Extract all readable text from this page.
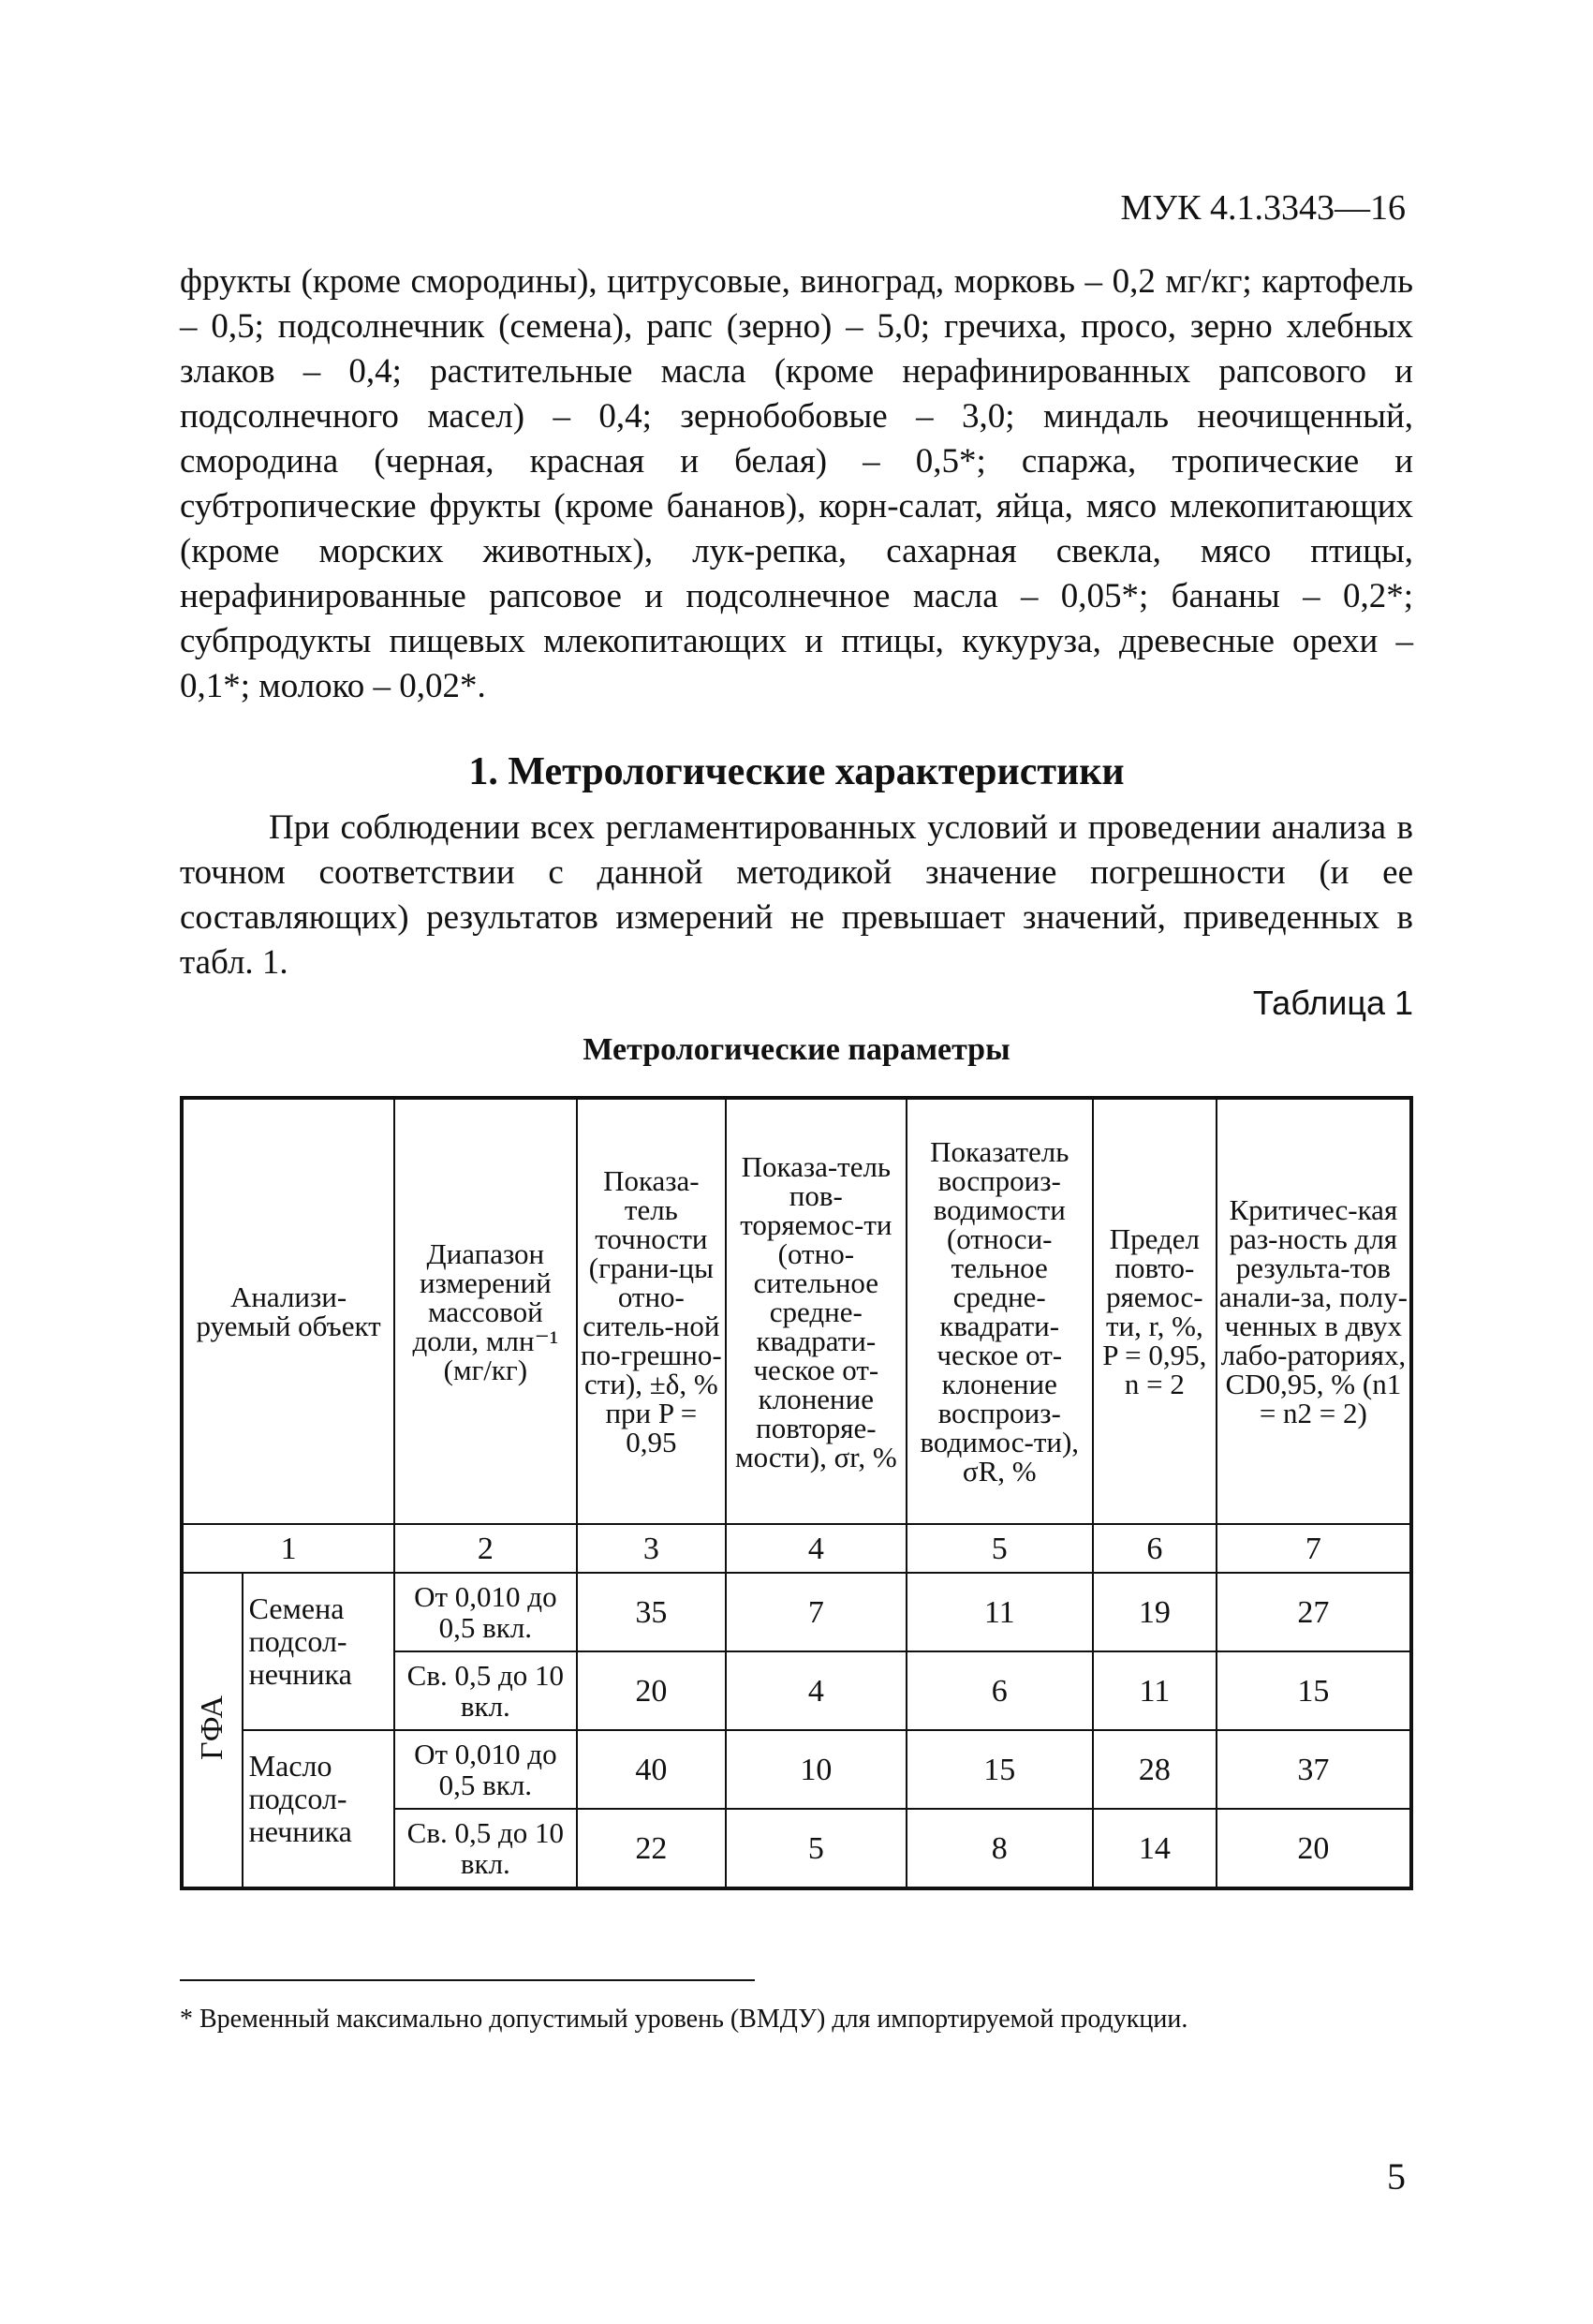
МУК 4.1.3343—16

фрукты (кроме смородины), цитрусовые, виноград, морковь – 0,2 мг/кг; картофель – 0,5; подсолнечник (семена), рапс (зерно) – 5,0; гречиха, просо, зерно хлебных злаков – 0,4; растительные масла (кроме нерафинированных рапсового и подсолнечного масел) – 0,4; зернобобовые – 3,0; миндаль неочищенный, смородина (черная, красная и белая) – 0,5*; спаржа, тропические и субтропические фрукты (кроме бананов), корн-салат, яйца, мясо млекопитающих (кроме морских животных), лук-репка, сахарная свекла, мясо птицы, нерафинированные рапсовое и подсолнечное масла – 0,05*; бананы – 0,2*; субпродукты пищевых млекопитающих и птицы, кукуруза, древесные орехи – 0,1*; молоко – 0,02*.

1. Метрологические характеристики

При соблюдении всех регламентированных условий и проведении анализа в точном соответствии с данной методикой значение погрешности (и ее составляющих) результатов измерений не превышает значений, приведенных в табл. 1.

Таблица 1
Метрологические параметры
Анализи-руемый объект		Диапазон измерений массовой доли, млн⁻¹ (мг/кг)	Показа-тель точности (грани-цы отно-ситель-ной по-грешно-сти), ±δ, % при P = 0,95	Показа-тель пов-торяемос-ти (отно-сительное средне-квадрати-ческое от-клонение повторяе-мости), σr, %	Показатель воспроиз-водимости (относи-тельное средне-квадрати-ческое от-клонение воспроиз-водимос-ти), σR, %	Предел повто-ряемос-ти, r, %, P = 0,95, n = 2	Критичес-кая раз-ность для результа-тов анали-за, полу-ченных в двух лабо-раториях, CD0,95, % (n1 = n2 = 2)
1		2	3	4	5	6	7
ГФА	Семена подсол-нечника	От 0,010 до 0,5 вкл.	35	7	11	19	27
		Св. 0,5 до 10 вкл.	20	4	6	11	15
	Масло подсол-нечника	От 0,010 до 0,5 вкл.	40	10	15	28	37
		Св. 0,5 до 10 вкл.	22	5	8	14	20
* Временный максимально допустимый уровень (ВМДУ) для импортируемой продукции.
5
